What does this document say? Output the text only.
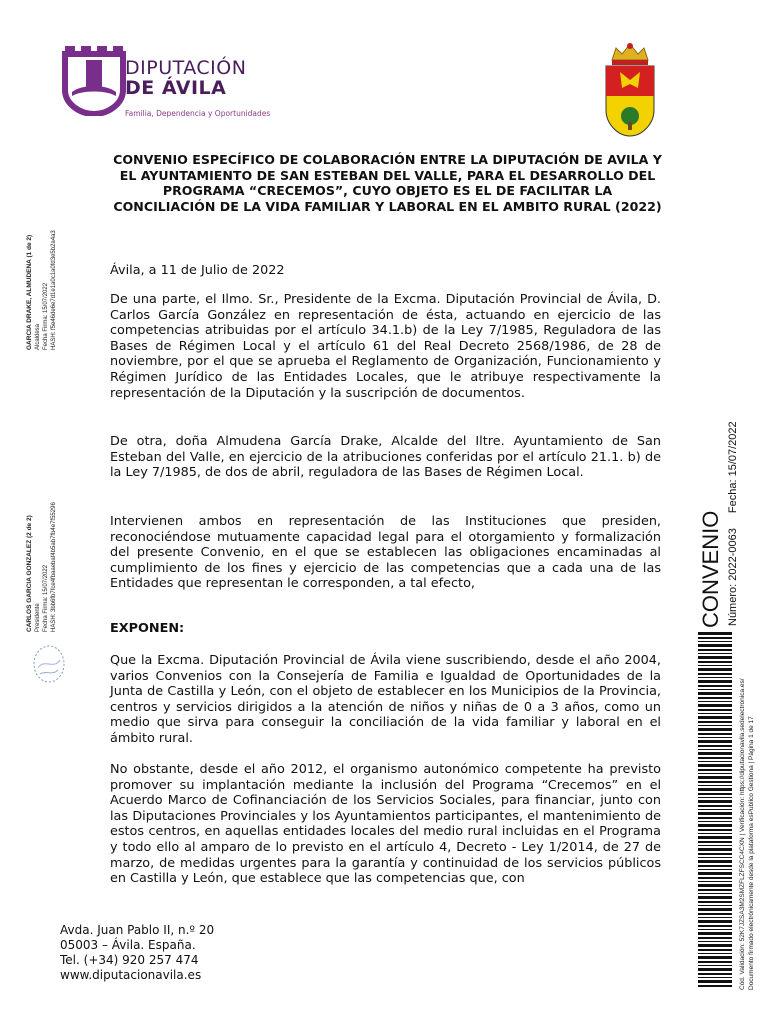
DIPUTACIÓN
DE ÁVILA
Familia, Dependencia y Oportunidades
GARCIA DRAKE, ALMUDENA (1 de 2) Alcaldesa Fecha Firma: 15/07/2022 HASH: f5e46de6e7d1e1a0c1a0fd3e5b2a4a3
CARLOS GARCIA GONZALEZ (2 de 2) Presidente Fecha Firma: 15/07/2022 HASH: 3bb6fb7fce4fbaaebaf4b5ab7fb4e7f55296	CONVENIO Número: 2022-0063 Fecha: 15/07/2022
Cód. Validación: 52K7JZSA3M2SMZFLZFSCC4CXN | Verificación: https://diputacionavila.sedelectronica.es/ Documento firmado electrónicamente desde la plataforma esPublico Gestiona | Página 1 de 17
CONVENIO ESPECÍFICO DE COLABORACIÓN ENTRE LA DIPUTACIÓN DE AVILA Y EL AYUNTAMIENTO DE SAN ESTEBAN DEL VALLE, PARA EL DESARROLLO DEL PROGRAMA “CRECEMOS”, CUYO OBJETO ES EL DE FACILITAR LA CONCILIACIÓN DE LA VIDA FAMILIAR Y LABORAL EN EL AMBITO RURAL (2022)

Ávila, a 11 de Julio de 2022

De una parte, el Ilmo. Sr., Presidente de la Excma. Diputación Provincial de Ávila, D. Carlos García González en representación de ésta, actuando en ejercicio de las competencias atribuidas por el artículo 34.1.b) de la Ley 7/1985, Reguladora de las Bases de Régimen Local y el artículo 61 del Real Decreto 2568/1986, de 28 de noviembre, por el que se aprueba el Reglamento de Organización, Funcionamiento y Régimen Jurídico de las Entidades Locales, que le atribuye respectivamente la representación de la Diputación y la suscripción de documentos.

De otra, doña Almudena García Drake, Alcalde del Iltre. Ayuntamiento de San Esteban del Valle, en ejercicio de la atribuciones conferidas por el artículo 21.1. b) de la Ley 7/1985, de dos de abril, reguladora de las Bases de Régimen Local.

Intervienen ambos en representación de las Instituciones que presiden, reconociéndose mutuamente capacidad legal para el otorgamiento y formalización del presente Convenio, en el que se establecen las obligaciones encaminadas al cumplimiento de los fines y ejercicio de las competencias que a cada una de las Entidades que representan le corresponden, a tal efecto,

EXPONEN:

Que la Excma. Diputación Provincial de Ávila viene suscribiendo, desde el año 2004, varios Convenios con la Consejería de Familia e Igualdad de Oportunidades de la Junta de Castilla y León, con el objeto de establecer en los Municipios de la Provincia, centros y servicios dirigidos a la atención de niños y niñas de 0 a 3 años, como un medio que sirva para conseguir la conciliación de la vida familiar y laboral en el ámbito rural.

No obstante, desde el año 2012, el organismo autonómico competente ha previsto promover su implantación mediante la inclusión del Programa “Crecemos” en el Acuerdo Marco de Cofinanciación de los Servicios Sociales, para financiar, junto con las Diputaciones Provinciales y los Ayuntamientos participantes, el mantenimiento de estos centros, en aquellas entidades locales del medio rural incluidas en el Programa y todo ello al amparo de lo previsto en el artículo 4, Decreto - Ley 1/2014, de 27 de marzo, de medidas urgentes para la garantía y continuidad de los servicios públicos en Castilla y León, que establece que las competencias que, con

Avda. Juan Pablo II, n.º 20
05003 – Ávila. España.
Tel. (+34) 920 257 474
www.diputacionavila.es
